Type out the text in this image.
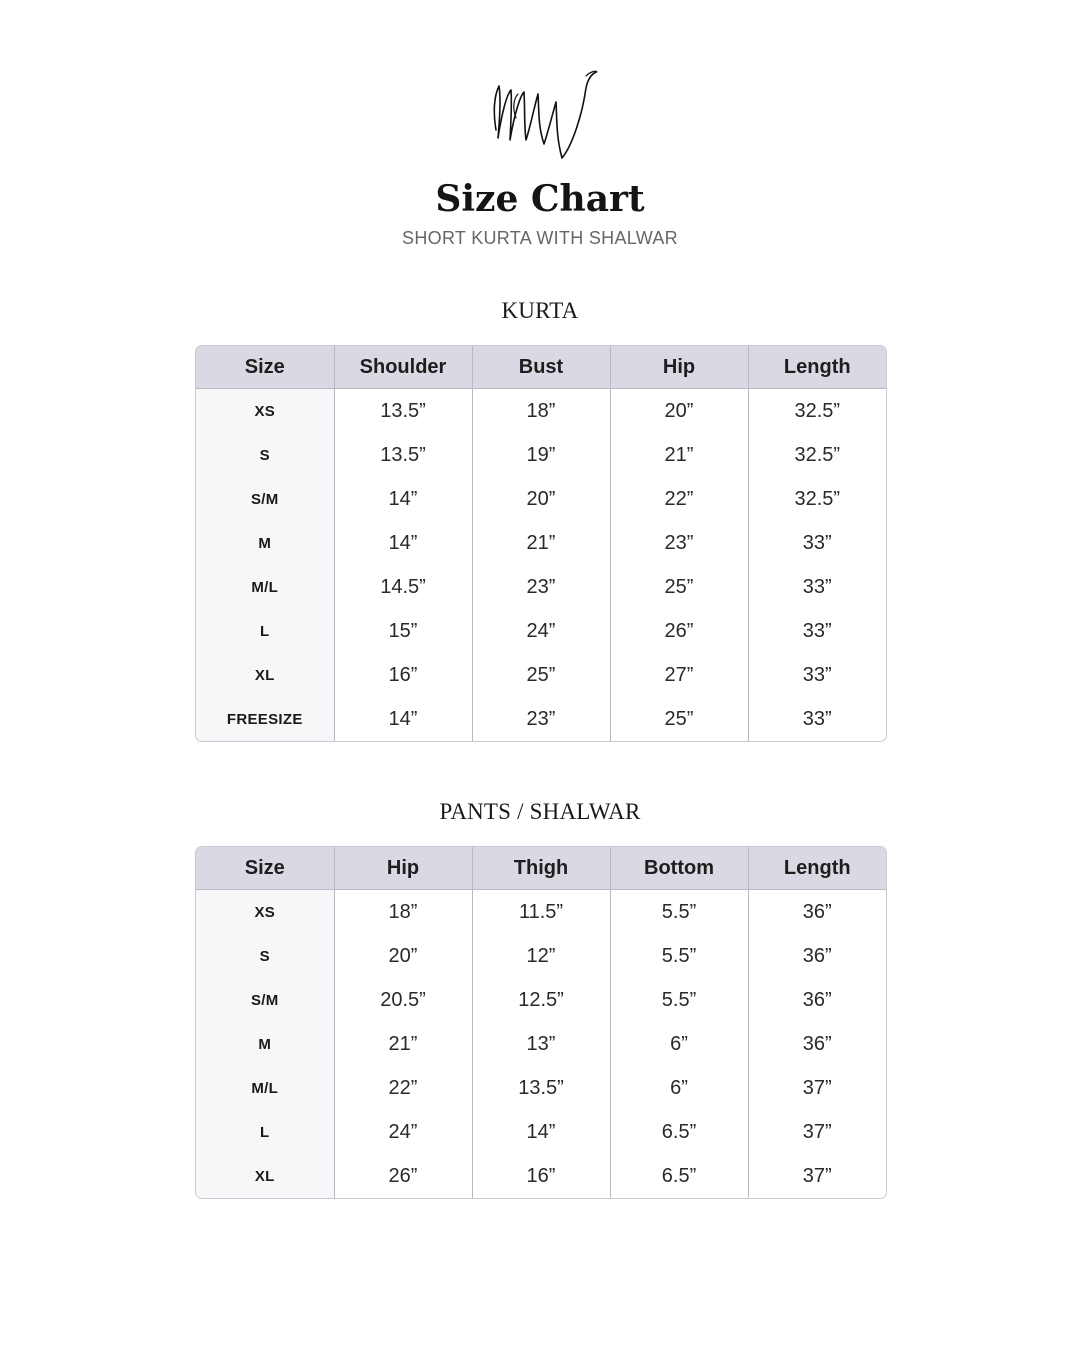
Size Chart
SHORT KURTA WITH SHALWAR
KURTA
Size	Shoulder	Bust	Hip	Length
XS	13.5”	18”	20”	32.5”
S	13.5”	19”	21”	32.5”
S/M	14”	20”	22”	32.5”
M	14”	21”	23”	33”
M/L	14.5”	23”	25”	33”
L	15”	24”	26”	33”
XL	16”	25”	27”	33”
FREESIZE	14”	23”	25”	33”
PANTS / SHALWAR
Size	Hip	Thigh	Bottom	Length
XS	18”	11.5”	5.5”	36”
S	20”	12”	5.5”	36”
S/M	20.5”	12.5”	5.5”	36”
M	21”	13”	6”	36”
M/L	22”	13.5”	6”	37”
L	24”	14”	6.5”	37”
XL	26”	16”	6.5”	37”
